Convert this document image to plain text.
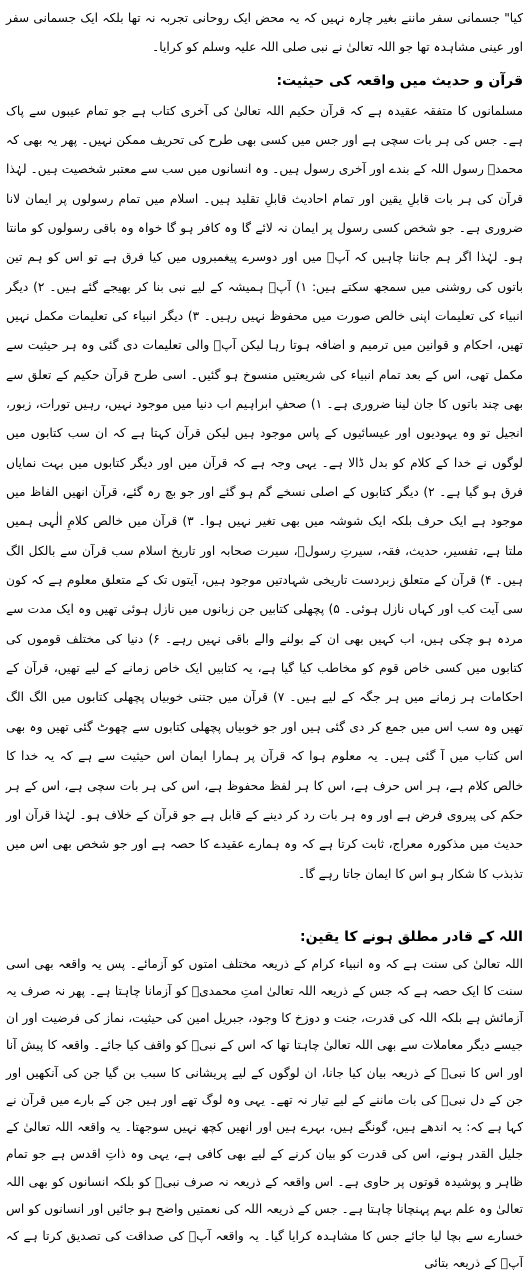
کیا" جسمانی سفر ماننے بغیر چارہ نہیں کہ یہ محض ایک روحانی تجربہ نہ تھا بلکہ ایک جسمانی سفر اور عینی مشاہدہ تھا جو اللہ تعالیٰ نے نبی صلی اللہ علیہ وسلم کو کرایا۔

قرآن و حدیث میں واقعہ کی حیثیت:

مسلمانوں کا متفقہ عقیدہ ہے کہ قرآن حکیم اللہ تعالیٰ کی آخری کتاب ہے جو تمام عیبوں سے پاک ہے۔ جس کی ہر بات سچی ہے اور جس میں کسی بھی طرح کی تحریف ممکن نہیں۔ پھر یہ بھی کہ محمدؐ رسول اللہ کے بندے اور آخری رسول ہیں۔ وہ انسانوں میں سب سے معتبر شخصیت ہیں۔ لہٰذا قرآن کی ہر بات قابلِ یقین اور تمام احادیث قابلِ تقلید ہیں۔ اسلام میں تمام رسولوں پر ایمان لانا ضروری ہے۔ جو شخص کسی رسول پر ایمان نہ لائے گا وہ کافر ہو گا خواہ وہ باقی رسولوں کو مانتا ہو۔ لہٰذا اگر ہم جاننا چاہیں کہ آپؐ میں اور دوسرے پیغمبروں میں کیا فرق ہے تو اس کو ہم تین باتوں کی روشنی میں سمجھ سکتے ہیں: ۱) آپؐ ہمیشہ کے لیے نبی بنا کر بھیجے گئے ہیں۔ ۲) دیگر انبیاء کی تعلیمات اپنی خالص صورت میں محفوظ نہیں رہیں۔ ۳) دیگر انبیاء کی تعلیمات مکمل نہیں تھیں، احکام و قوانین میں ترمیم و اضافہ ہوتا رہا لیکن آپؐ والی تعلیمات دی گئی وہ ہر حیثیت سے مکمل تھی، اس کے بعد تمام انبیاء کی شریعتیں منسوخ ہو گئیں۔ اسی طرح قرآن حکیم کے تعلق سے بھی چند باتوں کا جان لینا ضروری ہے۔ ۱) صحفِ ابراہیم اب دنیا میں موجود نہیں، رہیں تورات، زبور، انجیل تو وہ یہودیوں اور عیسائیوں کے پاس موجود ہیں لیکن قرآن کہتا ہے کہ ان سب کتابوں میں لوگوں نے خدا کے کلام کو بدل ڈالا ہے۔ یہی وجہ ہے کہ قرآن میں اور دیگر کتابوں میں بہت نمایاں فرق ہو گیا ہے۔ ۲) دیگر کتابوں کے اصلی نسخے گم ہو گئے اور جو بچ رہ گئے، قرآن انھیں الفاظ میں موجود ہے ایک حرف بلکہ ایک شوشہ میں بھی تغیر نہیں ہوا۔ ۳) قرآن میں خالص کلامِ الٰہی ہمیں ملتا ہے، تفسیر، حدیث، فقہ، سیرتِ رسولؐ، سیرت صحابہ اور تاریخ اسلام سب قرآن سے بالکل الگ ہیں۔ ۴) قرآن کے متعلق زبردست تاریخی شہادتیں موجود ہیں، آیتوں تک کے متعلق معلوم ہے کہ کون سی آیت کب اور کہاں نازل ہوئی۔ ۵) پچھلی کتابیں جن زبانوں میں نازل ہوئی تھیں وہ ایک مدت سے مردہ ہو چکی ہیں، اب کہیں بھی ان کے بولنے والے باقی نہیں رہے۔ ۶) دنیا کی مختلف قوموں کی کتابوں میں کسی خاص قوم کو مخاطب کیا گیا ہے، یہ کتابیں ایک خاص زمانے کے لیے تھیں، قرآن کے احکامات ہر زمانے میں ہر جگہ کے لیے ہیں۔ ۷) قرآن میں جتنی خوبیاں پچھلی کتابوں میں الگ الگ تھیں وہ سب اس میں جمع کر دی گئی ہیں اور جو خوبیاں پچھلی کتابوں سے چھوٹ گئی تھیں وہ بھی اس کتاب میں آ گئی ہیں۔ یہ معلوم ہوا کہ قرآن پر ہمارا ایمان اس حیثیت سے ہے کہ یہ خدا کا خالص کلام ہے، ہر اس حرف ہے، اس کا ہر لفظ محفوظ ہے، اس کی ہر بات سچی ہے، اس کے ہر حکم کی پیروی فرض ہے اور وہ ہر بات رد کر دینے کے قابل ہے جو قرآن کے خلاف ہو۔ لہٰذا قرآن اور حدیث میں مذکورہ معراج، ثابت کرتا ہے کہ وہ ہمارے عقیدے کا حصہ ہے اور جو شخص بھی اس میں تذبذب کا شکار ہو اس کا ایمان جاتا رہے گا۔

اللہ کے قادر مطلق ہونے کا یقین:

اللہ تعالیٰ کی سنت ہے کہ وہ انبیاء کرام کے ذریعہ مختلف امتوں کو آزمائے۔ پس یہ واقعہ بھی اسی سنت کا ایک حصہ ہے کہ جس کے ذریعہ اللہ تعالیٰ امتِ محمدیؐ کو آزمانا چاہتا ہے۔ پھر نہ صرف یہ آزمائش ہے بلکہ اللہ کی قدرت، جنت و دوزخ کا وجود، جبریل امین کی حیثیت، نماز کی فرضیت اور ان جیسے دیگر معاملات سے بھی اللہ تعالیٰ چاہتا تھا کہ اس کے نبیؐ کو واقف کیا جائے۔ واقعہ کا پیش آنا اور اس کا نبیؐ کے ذریعہ بیان کیا جانا، ان لوگوں کے لیے پریشانی کا سبب بن گیا جن کی آنکھیں اور جن کے دل نبیؐ کی بات ماننے کے لیے تیار نہ تھے۔ یہی وہ لوگ تھے اور ہیں جن کے بارے میں قرآن نے کہا ہے کہ: یہ اندھے ہیں، گونگے ہیں، بہرے ہیں اور انھیں کچھ نہیں سوجھتا۔ یہ واقعہ اللہ تعالیٰ کے جلیل القدر ہونے، اس کی قدرت کو بیان کرنے کے لیے بھی کافی ہے، یہی وہ ذاتِ اقدس ہے جو تمام ظاہر و پوشیدہ قوتوں پر حاوی ہے۔ اس واقعہ کے ذریعہ نہ صرف نبیؐ کو بلکہ انسانوں کو بھی اللہ تعالیٰ وہ علم بہم پہنچانا چاہتا ہے۔ جس کے ذریعہ اللہ کی نعمتیں واضح ہو جائیں اور انسانوں کو اس خسارے سے بچا لیا جائے جس کا مشاہدہ کرایا گیا۔ یہ واقعہ آپؐ کی صداقت کی تصدیق کرتا ہے کہ آپؐ کے ذریعہ بتائی
